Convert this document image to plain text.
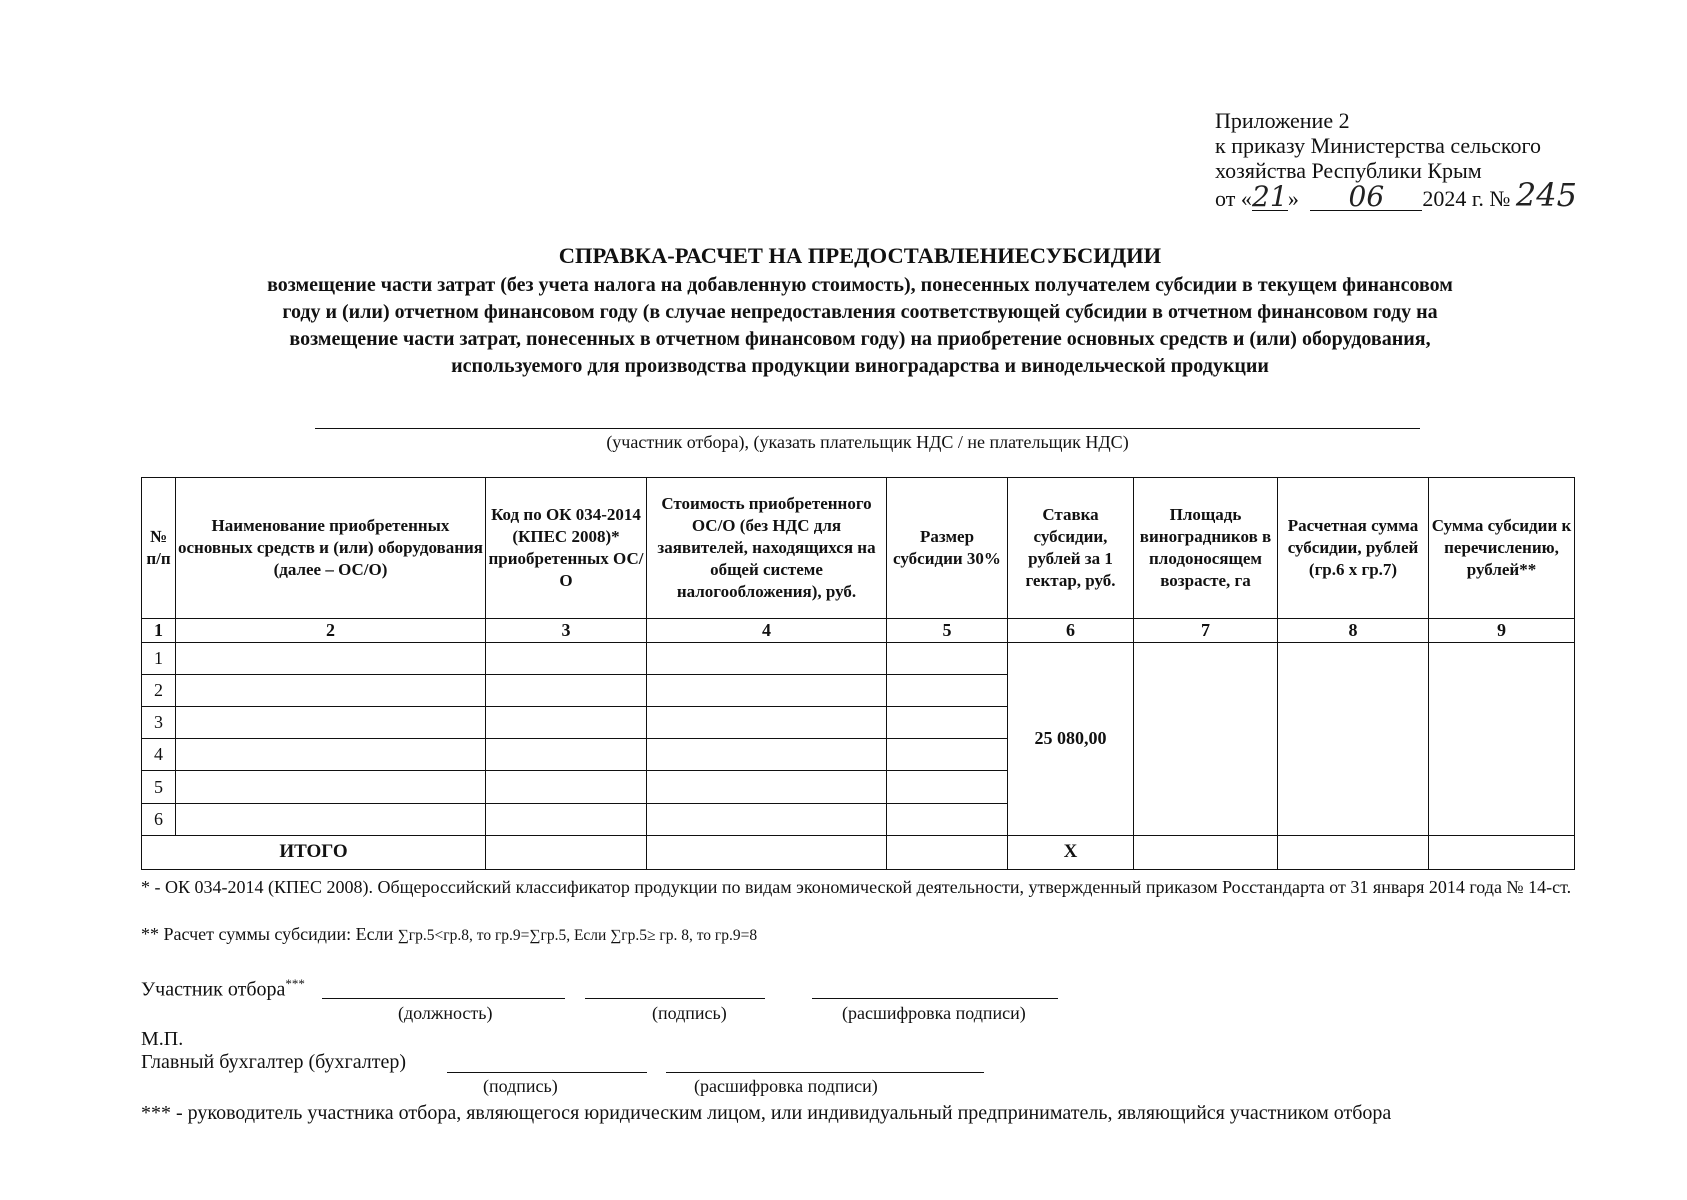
Приложение 2
к приказу Министерства сельского
хозяйства Республики Крым
от «21» 06 2024 г. № 245
СПРАВКА-РАСЧЕТ НА ПРЕДОСТАВЛЕНИЕСУБСИДИИ
возмещение части затрат (без учета налога на добавленную стоимость), понесенных получателем субсидии в текущем финансовом
году и (или) отчетном финансовом году (в случае непредоставления соответствующей субсидии в отчетном финансовом году на
возмещение части затрат, понесенных в отчетном финансовом году) на приобретение основных средств и (или) оборудования,
используемого для производства продукции виноградарства и винодельческой продукции
(участник отбора), (указать плательщик НДС / не плательщик НДС)
№ п/п	Наименование приобретенных основных средств и (или) оборудования (далее – ОС/О)	Код по ОК 034-2014 (КПЕС 2008)* приобретенных ОС/О	Стоимость приобретенного ОС/О (без НДС для заявителей, находящихся на общей системе налогообложения), руб.	Размер субсидии 30%	Ставка субсидии, рублей за 1 гектар, руб.	Площадь виноградников в плодоносящем возрасте, га	Расчетная сумма субсидии, рублей (гр.6 х гр.7)	Сумма субсидии к перечислению, рублей**
1	2	3	4	5	6	7	8	9
1					25 080,00			
2								
3								
4								
5								
6								
ИТОГО					Х			
* - ОК 034-2014 (КПЕС 2008). Общероссийский классификатор продукции по видам экономической деятельности, утвержденный приказом Росстандарта от 31 января 2014 года № 14-ст.
** Расчет суммы субсидии: Если ∑гр.5<гр.8, то гр.9=∑гр.5, Если ∑гр.5≥ гр. 8, то гр.9=8
Участник отбора***
(должность)	(подпись)	(расшифровка подписи)
М.П.
Главный бухгалтер (бухгалтер)
(подпись)	(расшифровка подписи)
*** - руководитель участника отбора, являющегося юридическим лицом, или индивидуальный предприниматель, являющийся участником отбора
